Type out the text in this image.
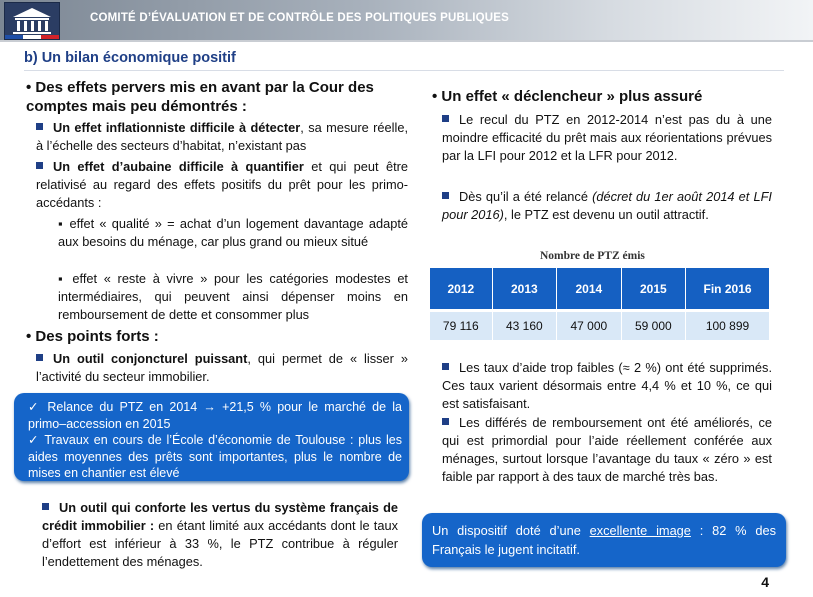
COMITÉ D’ÉVALUATION ET DE CONTRÔLE DES POLITIQUES PUBLIQUES
b) Un bilan économique positif
• Des effets pervers mis en avant par la Cour des comptes mais peu démontrés :
Un effet inflationniste difficile à détecter, sa mesure réelle, à l’échelle des secteurs d’habitat, n’existant pas
Un effet d’aubaine difficile à quantifier et qui peut être relativisé au regard des effets positifs du prêt pour les primo-accédants :
▪ effet « qualité » = achat d’un logement davantage adapté aux besoins du ménage, car plus grand ou mieux situé
▪ effet « reste à vivre » pour les catégories modestes et intermédiaires, qui peuvent ainsi dépenser moins en remboursement de dette et consommer plus
• Des points forts :
Un outil conjoncturel puissant, qui permet de « lisser » l’activité du secteur immobilier.
✓ Relance du PTZ en 2014 → +21,5 % pour le marché de la primo–accession en 2015
✓ Travaux en cours de l’École d’économie de Toulouse : plus les aides moyennes des prêts sont importantes, plus le nombre de mises en chantier est élevé
Un outil qui conforte les vertus du système français de crédit immobilier : en étant limité aux accédants dont le taux d’effort est inférieur à 33 %, le PTZ contribue à réguler l’endettement des ménages.
• Un effet « déclencheur » plus assuré
Le recul du PTZ en 2012-2014 n’est pas du à une moindre efficacité du prêt mais aux réorientations prévues par la LFI pour 2012 et la LFR pour 2012.
Dès qu’il a été relancé (décret du 1er août 2014 et LFI pour 2016), le PTZ est devenu un outil attractif.
Nombre de PTZ émis
2012	2013	2014	2015	Fin 2016
79 116	43 160	47 000	59 000	100 899
Les taux d’aide trop faibles (≈ 2 %) ont été supprimés. Ces taux varient désormais entre 4,4 % et 10 %, ce qui est satisfaisant.
Les différés de remboursement ont été améliorés, ce qui est primordial pour l’aide réellement conférée aux ménages, surtout lorsque l’avantage du taux « zéro » est faible par rapport à des taux de marché très bas.
Un dispositif doté d’une excellente image : 82 % des Français le jugent incitatif.
4
